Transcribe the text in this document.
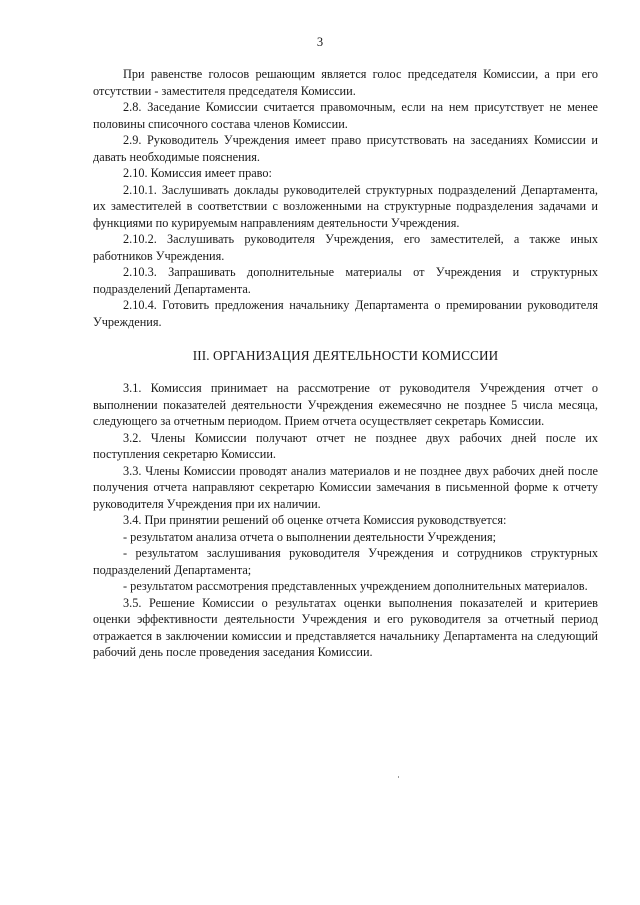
3

При равенстве голосов решающим является голос председателя Комиссии, а при его отсутствии - заместителя председателя Комиссии.

2.8. Заседание Комиссии считается правомочным, если на нем присутствует не менее половины списочного состава членов Комиссии.

2.9. Руководитель Учреждения имеет право присутствовать на заседаниях Комиссии и давать необходимые пояснения.

2.10. Комиссия имеет право:

2.10.1. Заслушивать доклады руководителей структурных подразделений Департамента, их заместителей в соответствии с возложенными на структурные подразделения задачами и функциями по курируемым направлениям деятельности Учреждения.

2.10.2. Заслушивать руководителя Учреждения, его заместителей, а также иных работников Учреждения.

2.10.3. Запрашивать дополнительные материалы от Учреждения и структурных подразделений Департамента.

2.10.4. Готовить предложения начальнику Департамента о премировании руководителя Учреждения.

III. ОРГАНИЗАЦИЯ ДЕЯТЕЛЬНОСТИ КОМИССИИ

3.1. Комиссия принимает на рассмотрение от руководителя Учреждения отчет о выполнении показателей деятельности Учреждения ежемесячно не позднее 5 числа месяца, следующего за отчетным периодом. Прием отчета осуществляет секретарь Комиссии.

3.2. Члены Комиссии получают отчет не позднее двух рабочих дней после их поступления секретарю Комиссии.

3.3. Члены Комиссии проводят анализ материалов и не позднее двух рабочих дней после получения отчета направляют секретарю Комиссии замечания в письменной форме к отчету руководителя Учреждения при их наличии.

3.4. При принятии решений об оценке отчета Комиссия руководствуется:

- результатом анализа отчета о выполнении деятельности Учреждения;

- результатом заслушивания руководителя Учреждения и сотрудников структурных подразделений Департамента;

- результатом рассмотрения представленных учреждением дополнительных материалов.

3.5. Решение Комиссии о результатах оценки выполнения показателей и критериев оценки эффективности деятельности Учреждения и его руководителя за отчетный период отражается в заключении комиссии и представляется начальнику Департамента на следующий рабочий день после проведения заседания Комиссии.
